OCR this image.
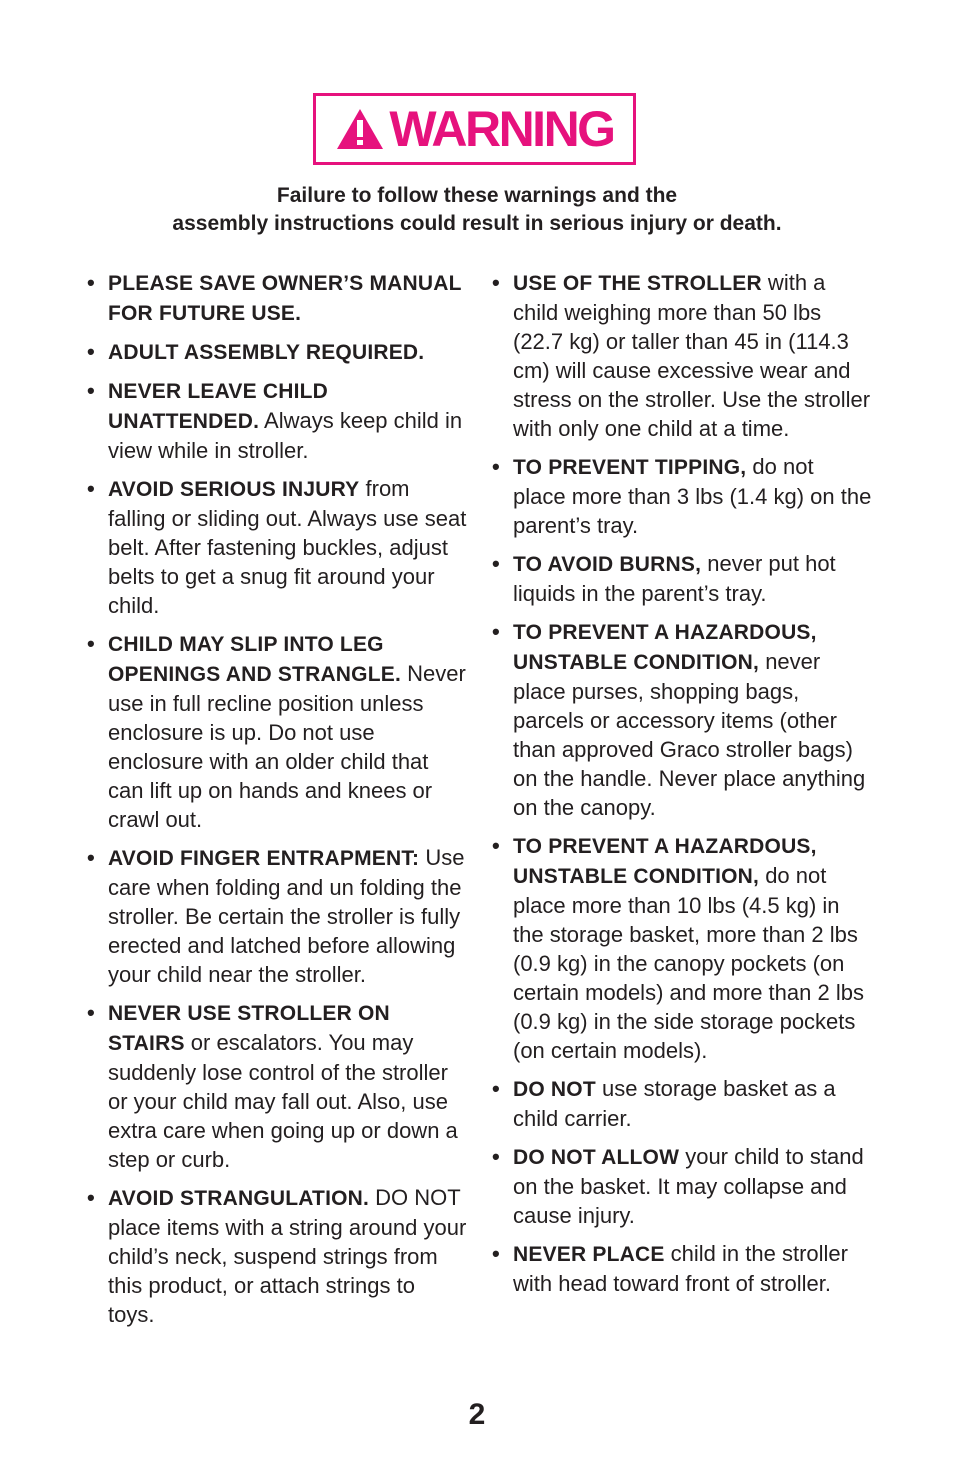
WARNING
Failure to follow these warnings and the
assembly instructions could result in serious injury or death.
• PLEASE SAVE OWNER’S MANUAL FOR FUTURE USE.
• ADULT ASSEMBLY REQUIRED.
• NEVER LEAVE CHILD UNATTENDED. Always keep child in view while in stroller.
• AVOID SERIOUS INJURY from falling or sliding out. Always use seat belt. After fastening buckles, adjust belts to get a snug fit around your child.
• CHILD MAY SLIP INTO LEG OPENINGS AND STRANGLE. Never use in full recline position unless enclosure is up. Do not use enclosure with an older child that can lift up on hands and knees or crawl out.
• AVOID FINGER ENTRAPMENT: Use care when folding and un folding the stroller. Be certain the stroller is fully erected and latched before allowing your child near the stroller.
• NEVER USE STROLLER ON STAIRS or escalators. You may suddenly lose control of the stroller or your child may fall out. Also, use extra care when going up or down a step or curb.
• AVOID STRANGULATION. DO NOT place items with a string around your child’s neck, suspend strings from this product, or attach strings to toys.
• USE OF THE STROLLER with a child weighing more than 50 lbs (22.7 kg) or taller than 45 in (114.3 cm) will cause excessive wear and stress on the stroller. Use the stroller with only one child at a time.
• TO PREVENT TIPPING, do not place more than 3 lbs (1.4 kg) on the parent’s tray.
• TO AVOID BURNS, never put hot liquids in the parent’s tray.
• TO PREVENT A HAZARDOUS, UNSTABLE CONDITION, never place purses, shopping bags, parcels or accessory items (other than approved Graco stroller bags) on the handle. Never place anything on the canopy.
• TO PREVENT A HAZARDOUS, UNSTABLE CONDITION, do not place more than 10 lbs (4.5 kg) in the storage basket, more than 2 lbs (0.9 kg) in the canopy pockets (on certain models) and more than 2 lbs (0.9 kg) in the side storage pockets (on certain models).
• DO NOT use storage basket as a child carrier.
• DO NOT ALLOW your child to stand on the basket. It may collapse and cause injury.
• NEVER PLACE child in the stroller with head toward front of stroller.
2
